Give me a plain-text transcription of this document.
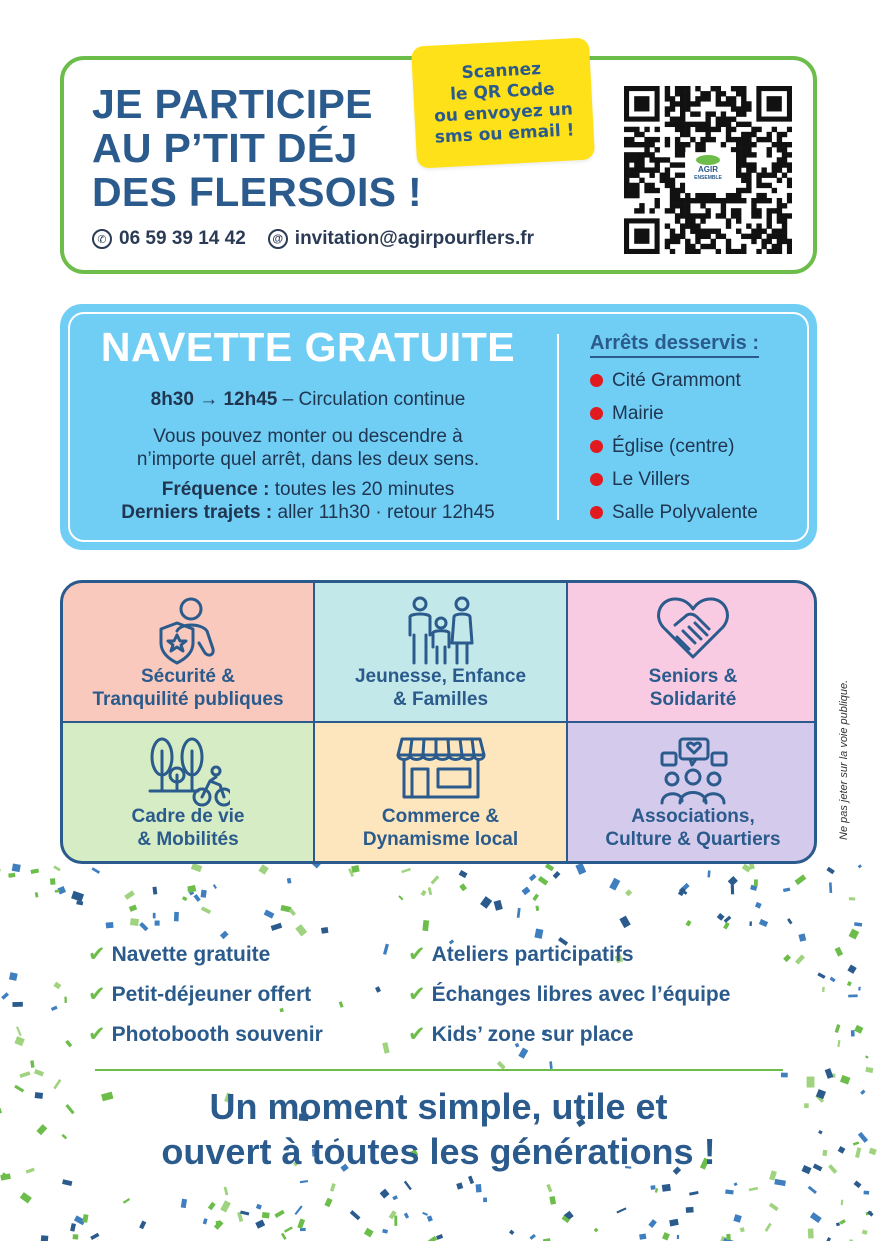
JE PARTICIPE
AU P’TIT DÉJ
DES FLERSOIS !
Scannez
le QR Code
ou envoyez un
sms ou email !
✆ 06 59 39 14 42	@ invitation@agirpourflers.fr
AGIR
ENSEMBLE
NAVETTE GRATUITE
8h30 → 12h45 – Circulation continue
Vous pouvez monter ou descendre à
n’importe quel arrêt, dans les deux sens.
Fréquence : toutes les 20 minutes
Derniers trajets : aller 11h30 · retour 12h45
Arrêts desservis :
Cité Grammont
Mairie
Église (centre)
Le Villers
Salle Polyvalente
Sécurité &
Tranquilité publiques
Jeunesse, Enfance
& Familles
Seniors &
Solidarité
Cadre de vie
& Mobilités
Commerce &
Dynamisme local
Associations,
Culture & Quartiers	Ne pas jeter sur la voie publique.
✔ Navette gratuite	✔ Ateliers participatifs
✔ Petit-déjeuner offert	✔ Échanges libres avec l’équipe
✔ Photobooth souvenir	✔ Kids’ zone sur place
Un moment simple, utile et
ouvert à toutes les générations !
